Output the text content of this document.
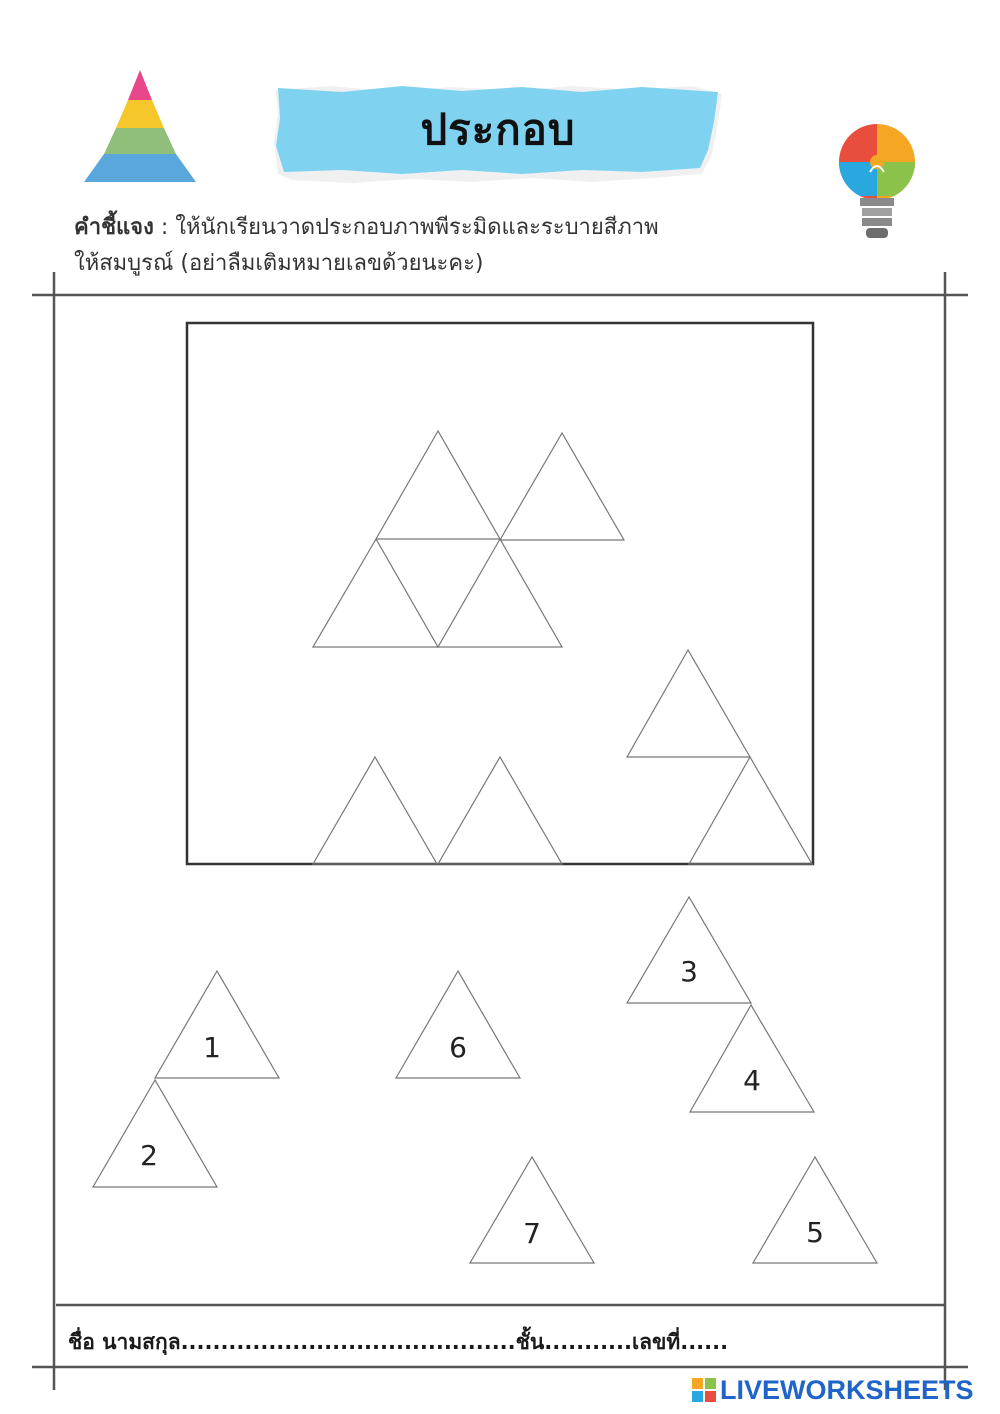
ประกอบ
คำชี้แจง : ให้นักเรียนวาดประกอบภาพพีระมิดและระบายสีภาพ
ให้สมบูรณ์ (อย่าลืมเติมหมายเลขด้วยนะคะ)
1
2
6
3
4
7	5
ชื่อ นามสกุล..........................................ชั้น...........เลขที่......
LIVEWORKSHEETS
